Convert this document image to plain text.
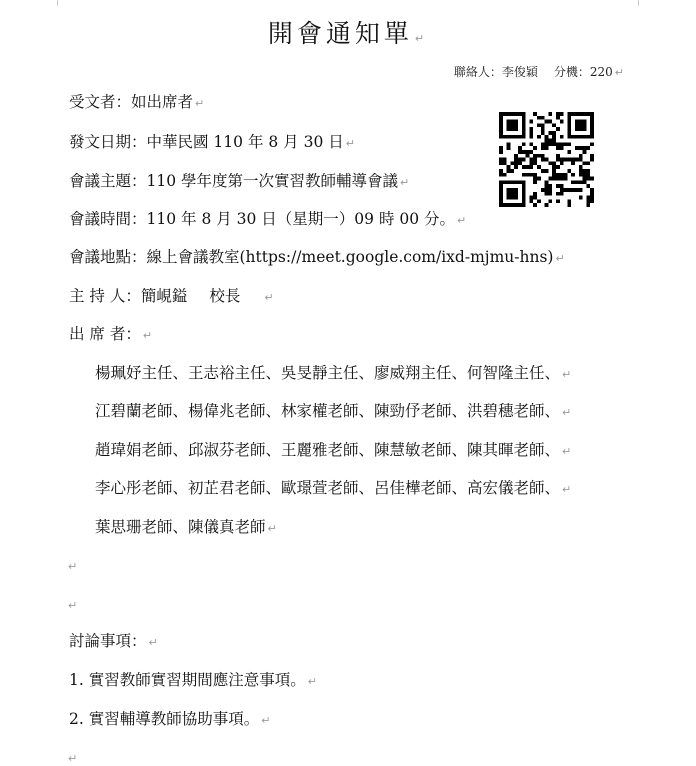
開會通知單 ↵
聯絡人：李俊穎 分機：220 ↵
受文者：如出席者 ↵
發文日期：中華民國 110 年 8 月 30 日 ↵
會議主題：110 學年度第一次實習教師輔導會議 ↵
會議時間：110 年 8 月 30 日（星期一）09 時 00 分。 ↵
會議地點：線上會議教室(https://meet.google.com/ixd-mjmu-hns) ↵
主 持 人：簡峴鎰 校長 ↵
出 席 者： ↵
楊珮妤主任、王志裕主任、吳旻靜主任、廖威翔主任、何智隆主任、 ↵
江碧蘭老師、楊偉兆老師、林家權老師、陳勁伃老師、洪碧穗老師、 ↵
趙瑋娟老師、邱淑芬老師、王麗雅老師、陳慧敏老師、陳其暉老師、 ↵
李心彤老師、初芷君老師、歐璟萱老師、呂佳樺老師、高宏儀老師、 ↵
葉思珊老師、陳儀真老師 ↵
↵
↵
討論事項： ↵
1. 實習教師實習期間應注意事項。 ↵
2. 實習輔導教師協助事項。 ↵
↵
